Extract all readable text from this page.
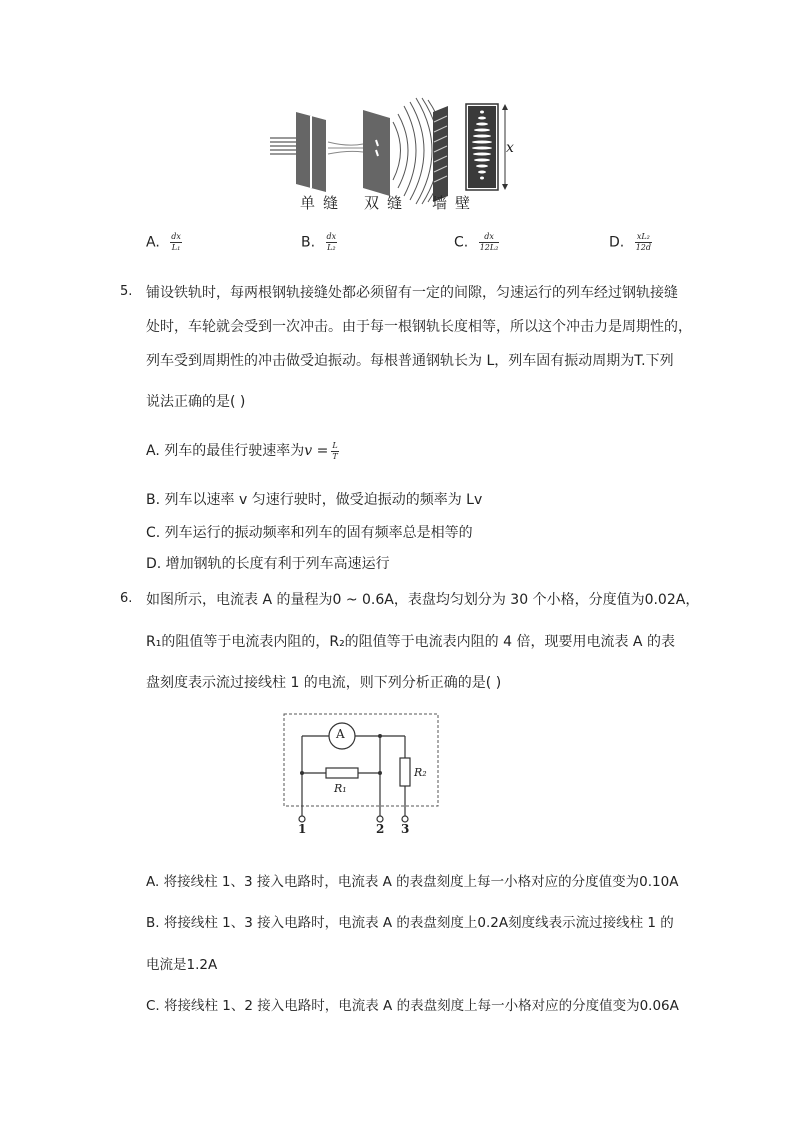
x
单缝 双缝 墙壁
A. $\frac{dx}{\text{L₁}}$	B. $\frac{dx}{\text{L₂}}$	C. $\frac{dx}{\text{12L₂}}$	D. $\frac{\text{xL₂}}{12d}$
5. 铺设铁轨时，每两根钢轨接缝处都必须留有一定的间隙，匀速运行的列车经过钢轨接缝
处时，车轮就会受到一次冲击。由于每一根钢轨长度相等，所以这个冲击力是周期性的，
列车受到周期性的冲击做受迫振动。每根普通钢轨长为 L，列车固有振动周期为T.下列
说法正确的是( )
A. 列车的最佳行驶速率为$v = \frac{L}{T}$
B. 列车以速率 v 匀速行驶时，做受迫振动的频率为 Lv
C. 列车运行的振动频率和列车的固有频率总是相等的
D. 增加钢轨的长度有利于列车高速运行
6. 如图所示，电流表 A 的量程为0 ~ 0.6A，表盘均匀划分为 30 个小格，分度值为0.02A，
R₁的阻值等于电流表内阻的，R₂的阻值等于电流表内阻的 4 倍，现要用电流表 A 的表
盘刻度表示流过接线柱 1 的电流，则下列分析正确的是( )
A
R₁
R₂
1	2 3
A. 将接线柱 1、3 接入电路时，电流表 A 的表盘刻度上每一小格对应的分度值变为0.10A
B. 将接线柱 1、3 接入电路时，电流表 A 的表盘刻度上0.2A刻度线表示流过接线柱 1 的
电流是1.2A
C. 将接线柱 1、2 接入电路时，电流表 A 的表盘刻度上每一小格对应的分度值变为0.06A
